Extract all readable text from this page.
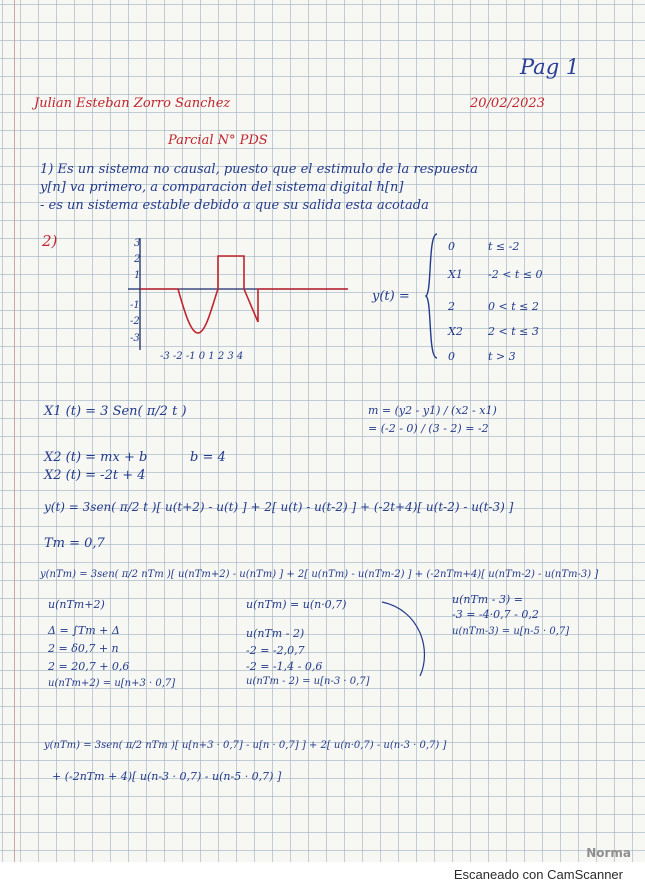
Pag 1
Julian Esteban Zorro Sanchez	20/02/2023
Parcial N° PDS
1) Es un sistema no causal, puesto que el estimulo de la respuesta
y[n] va primero, a comparacion del sistema digital h[n]
- es un sistema estable debido a que su salida esta acotada
2)	3
2
1
-1
-2
-3
-3 -2 -1 0 1 2 3 4
y(t) =
0	t ≤ -2
X1 -2 < t ≤ 0
2	0 < t ≤ 2
X2 2 < t ≤ 3
0	t > 3
X1 (t) = 3 Sen( π/2 t )	m = (y2 - y1) / (x2 - x1)
= (-2 - 0) / (3 - 2) = -2
X2 (t) = mx + b	b = 4
X2 (t) = -2t + 4
y(t) = 3sen( π/2 t )[ u(t+2) - u(t) ] + 2[ u(t) - u(t-2) ] + (-2t+4)[ u(t-2) - u(t-3) ]
Tm = 0,7
y(nTm) = 3sen( π/2 nTm )[ u(nTm+2) - u(nTm) ] + 2[ u(nTm) - u(nTm-2) ] + (-2nTm+4)[ u(nTm-2) - u(nTm-3) ]
u(nTm+2)
Δ = ∫Tm + Δ
2 = δ0,7 + n
2 = 20,7 + 0,6
u(nTm+2) = u[n+3 · 0,7]
u(nTm) = u(n·0,7)
u(nTm - 2)
-2 = -2,0,7
-2 = -1,4 - 0,6
u(nTm - 2) = u[n-3 · 0,7]
u(nTm - 3) =
-3 = -4·0,7 - 0,2
u(nTm-3) = u[n-5 · 0,7]
y(nTm) = 3sen( π/2 nTm )[ u[n+3 · 0,7] - u[n · 0,7] ] + 2[ u(n·0,7) - u(n-3 · 0,7) ]
+ (-2nTm + 4)[ u(n-3 · 0,7) - u(n-5 · 0,7) ]
Norma
Escaneado con CamScanner
